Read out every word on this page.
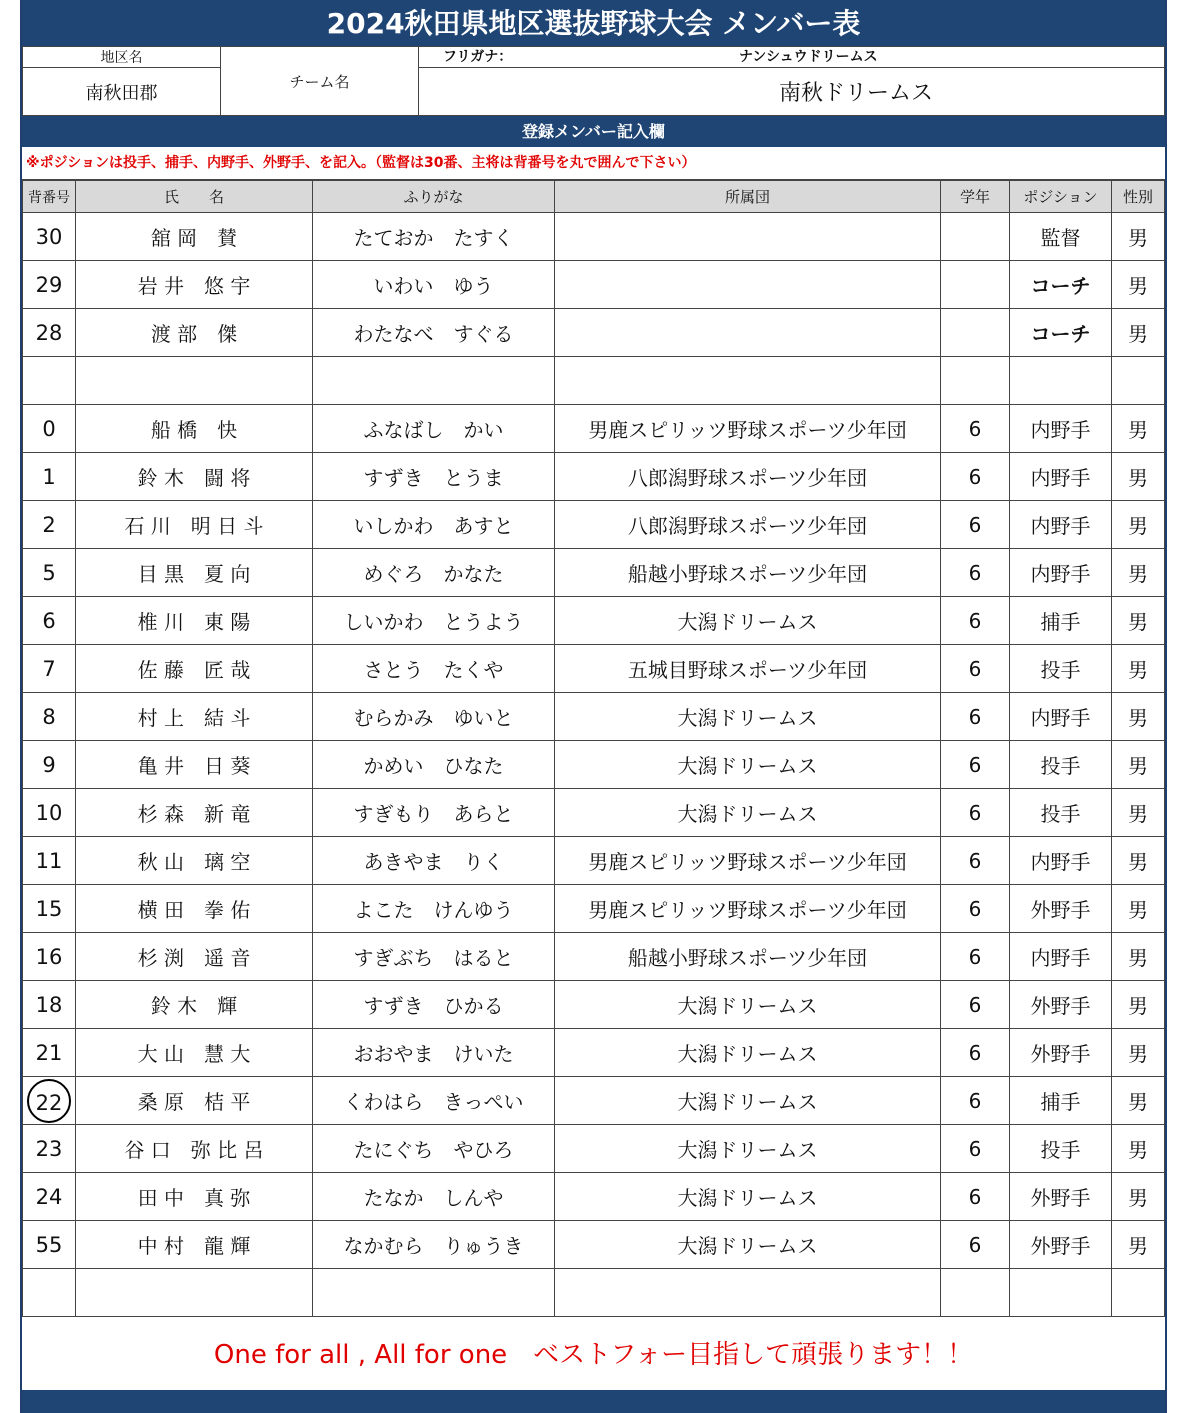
2024秋田県地区選抜野球大会 メンバー表
地区名	チーム名	フリガナ： ナンシュウドリームス

南秋田郡		南秋ドリームス
登録メンバー記入欄
※ポジションは投手、捕手、内野手、外野手、を記入。（監督は30番、主将は背番号を丸で囲んで下さい）
背番号	氏　　名	ふりがな	所属団	学年	ポジション	性別
30	舘 岡　賛	たておか　たすく			監督	男
29	岩 井　悠 宇	いわい　ゆう			コーチ	男
28	渡 部　傑	わたなべ　すぐる			コーチ	男

0	船 橋　快	ふなばし　かい	男鹿スピリッツ野球スポーツ少年団	6	内野手	男
1	鈴 木　闘 将	すずき　とうま	八郎潟野球スポーツ少年団	6	内野手	男
2	石 川　明 日 斗	いしかわ　あすと	八郎潟野球スポーツ少年団	6	内野手	男
5	目 黒　夏 向	めぐろ　かなた	船越小野球スポーツ少年団	6	内野手	男
6	椎 川　東 陽	しいかわ　とうよう	大潟ドリームス	6	捕手	男
7	佐 藤　匠 哉	さとう　たくや	五城目野球スポーツ少年団	6	投手	男
8	村 上　結 斗	むらかみ　ゆいと	大潟ドリームス	6	内野手	男
9	亀 井　日 葵	かめい　ひなた	大潟ドリームス	6	投手	男
10	杉 森　新 竜	すぎもり　あらと	大潟ドリームス	6	投手	男
11	秋 山　璃 空	あきやま　りく	男鹿スピリッツ野球スポーツ少年団	6	内野手	男
15	横 田　拳 佑	よこた　けんゆう	男鹿スピリッツ野球スポーツ少年団	6	外野手	男
16	杉 渕　遥 音	すぎぶち　はると	船越小野球スポーツ少年団	6	内野手	男
18	鈴 木　輝	すずき　ひかる	大潟ドリームス	6	外野手	男
21	大 山　慧 大	おおやま　けいた	大潟ドリームス	6	外野手	男
22	桑 原　桔 平	くわはら　きっぺい	大潟ドリームス	6	捕手	男
23	谷 口　弥 比 呂	たにぐち　やひろ	大潟ドリームス	6	投手	男
24	田 中　真 弥	たなか　しんや	大潟ドリームス	6	外野手	男
55	中 村　龍 輝	なかむら　りゅうき	大潟ドリームス	6	外野手	男

One for all , All for one　ベストフォー目指して頑張ります！！
